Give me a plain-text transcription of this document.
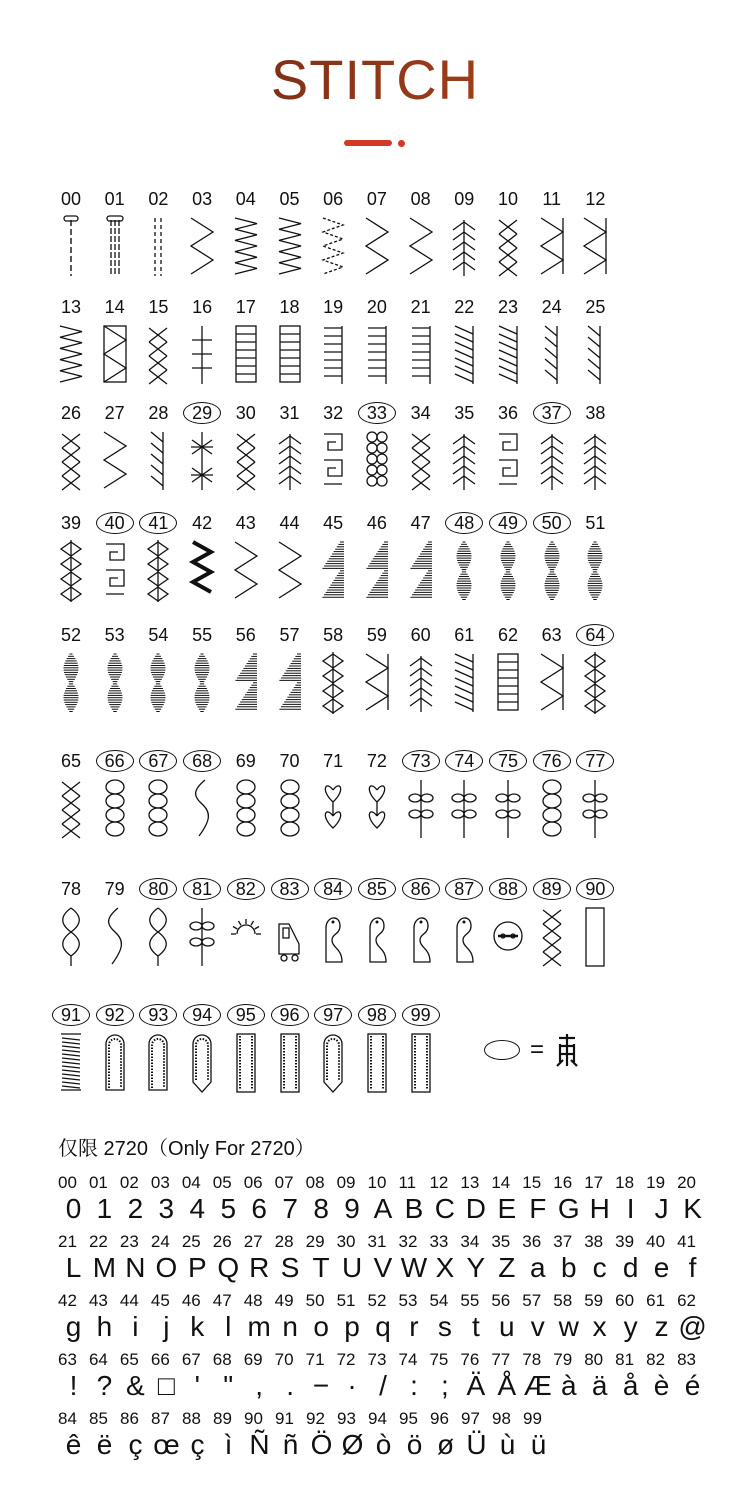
STITCH
00	01	02	03	04	05	06	07	08	09	10	11	12
13	14	15	16	17	18	19	20	21	22	23	24	25
26	27	28	29	30	31	32	33	34	35	36	37	38
39	40	41	42	43	44	45	46	47	48	49	50	51
52	53	54	55	56	57	58	59	60	61	62	63	64
65	66	67	68	69	70	71	72	73	74	75	76	77
78	79	80	81	82	83	84	85	86	87	88	89	90
91	92	93	94	95	96	97	98	99
=
仅限 2720（Only For 2720）
00 01 02 03 04 05 06 07 08 09 10 11 12 13 14 15 16 17 18 19 20
0 1 2 3 4 5 6 7 8 9 A B C D E F G H I J K
21 22 23 24 25 26 27 28 29 30 31 32 33 34 35 36 37 38 39 40 41
L M N O P Q R S T U V W X Y Z a b c d e f
42 43 44 45 46 47 48 49 50 51 52 53 54 55 56 57 58 59 60 61 62
g h i j k l m n o p q r s t u v w x y z @
63 64 65 66 67 68 69 70 71 72 73 74 75 76 77 78 79 80 81 82 83
! ? & □ ' " , . − · / : ; Ä Å Æ à ä å è é
84 85 86 87 88 89 90 91 92 93 94 95 96 97 98 99
ê ë ç œ ç ì Ñ ñ Ö Ø ò ö ø Ü ù ü
